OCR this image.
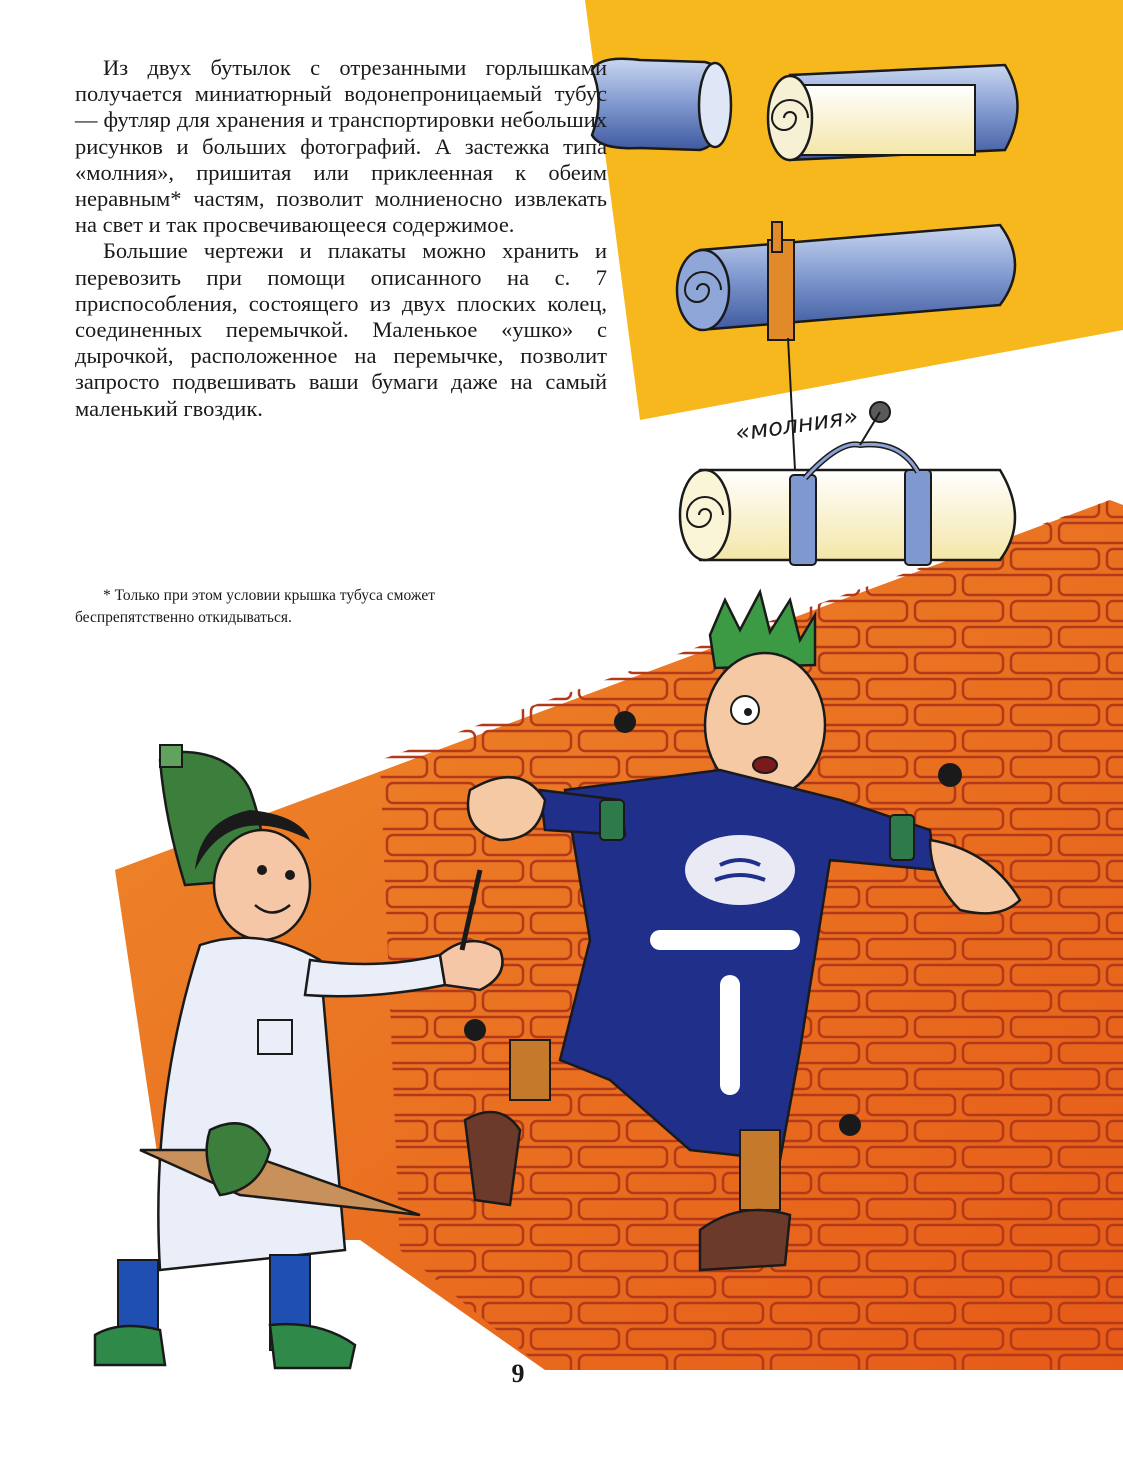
«молния»

Из двух бутылок с отрезанными горлышками получается миниатюрный водонепроницаемый тубус — футляр для хранения и транспортировки небольших рисунков и больших фотографий. А застежка типа «молния», пришитая или приклеенная к обеим неравным* частям, позволит молниеносно извлекать на свет и так просвечивающееся содержимое.

Большие чертежи и плакаты можно хранить и перевозить при помощи описанного на с. 7 приспособления, состоящего из двух плоских колец, соединенных перемычкой. Маленькое «ушко» с дырочкой, расположенное на перемычке, позволит запросто подвешивать ваши бумаги даже на самый маленький гвоздик.

* Только при этом условии крышка тубуса сможет беспрепятственно откидываться.

9
